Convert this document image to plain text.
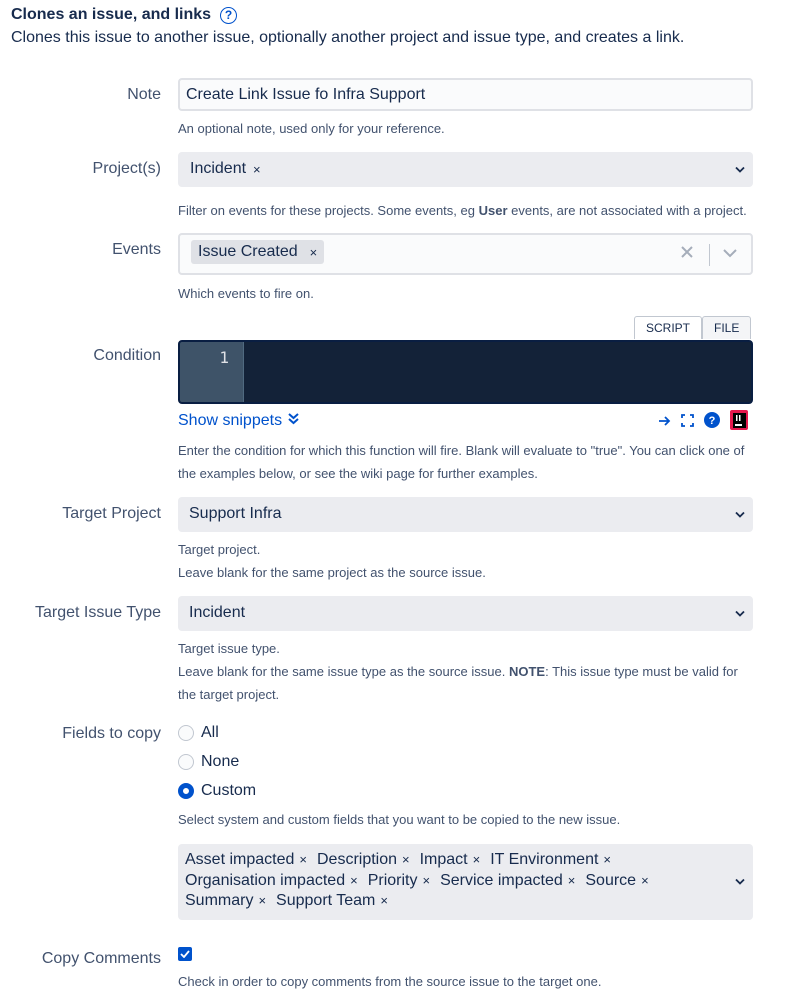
Clones an issue, and links	?
Clones this issue to another issue, optionally another project and issue type, and creates a link.
Note	Create Link Issue fo Infra Support
An optional note, used only for your reference.
Project(s) Incident ×
Filter on events for these projects. Some events, eg User events, are not associated with a project.
Events Issue Created ×
Which events to fire on.
SCRIPT	FILE
Condition	1
Show snippets	?
Enter the condition for which this function will fire. Blank will evaluate to "true". You can click one of the examples below, or see the wiki page for further examples.
Target Project	Support Infra
Target project.
Leave blank for the same project as the source issue.
Target Issue Type	Incident
Target issue type.
Leave blank for the same issue type as the source issue. NOTE: This issue type must be valid for the target project.
Fields to copy	All
None
Custom
Select system and custom fields that you want to be copied to the new issue.
Asset impacted × Description × Impact × IT Environment ×
Organisation impacted × Priority × Service impacted × Source ×
Summary × Support Team ×
Copy Comments
Check in order to copy comments from the source issue to the target one.
